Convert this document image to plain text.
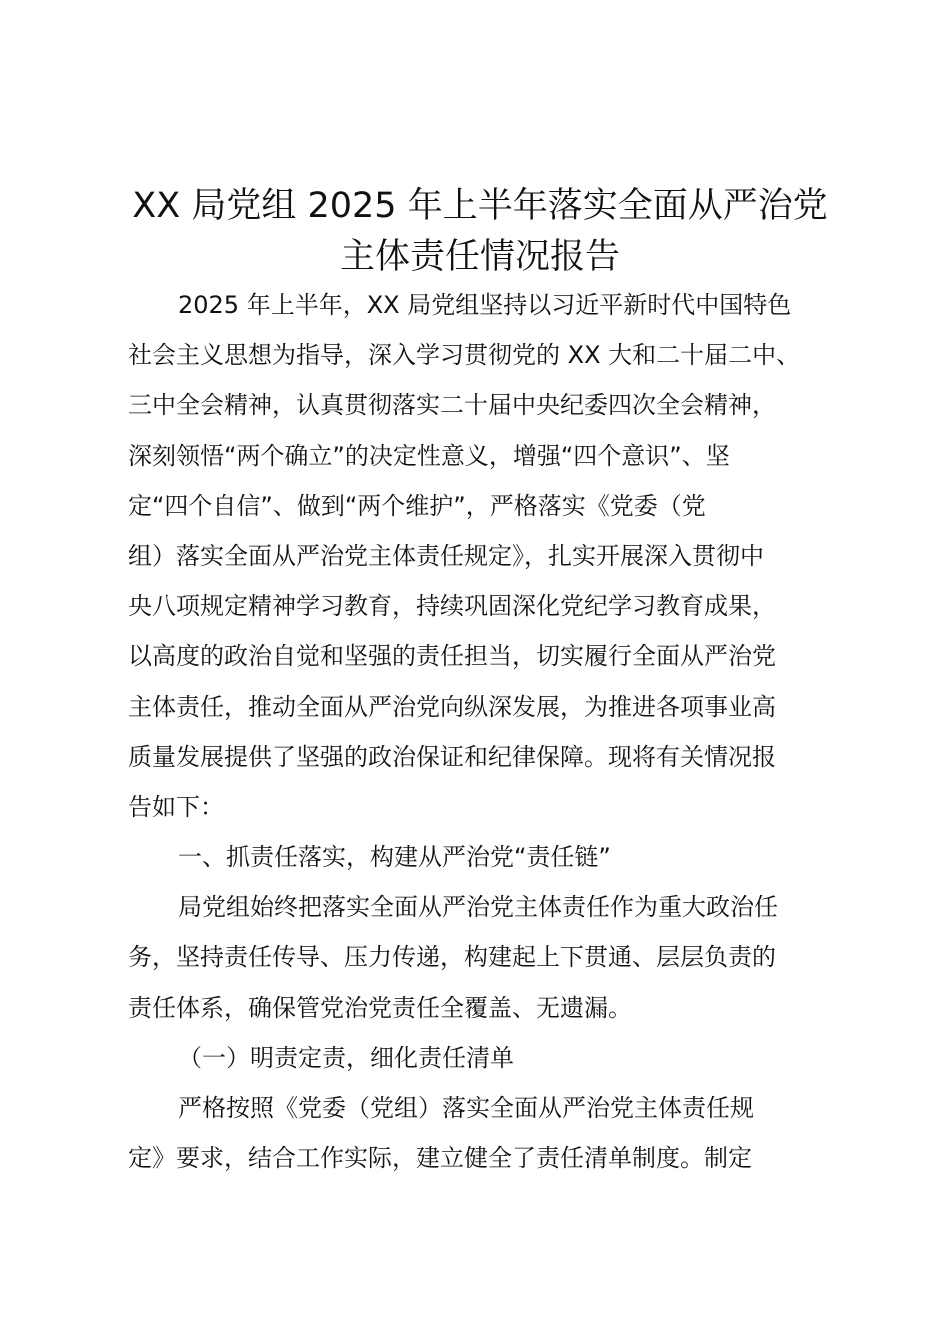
XX 局党组 2025 年上半年落实全面从严治党
主体责任情况报告

2025 年上半年，XX 局党组坚持以习近平新时代中国特色

社会主义思想为指导，深入学习贯彻党的 XX 大和二十届二中、

三中全会精神，认真贯彻落实二十届中央纪委四次全会精神，

深刻领悟“两个确立”的决定性意义，增强“四个意识”、坚

定“四个自信”、做到“两个维护”，严格落实《党委（党

组）落实全面从严治党主体责任规定》，扎实开展深入贯彻中

央八项规定精神学习教育，持续巩固深化党纪学习教育成果，

以高度的政治自觉和坚强的责任担当，切实履行全面从严治党

主体责任，推动全面从严治党向纵深发展，为推进各项事业高

质量发展提供了坚强的政治保证和纪律保障。现将有关情况报

告如下：

一、抓责任落实，构建从严治党“责任链”

局党组始终把落实全面从严治党主体责任作为重大政治任

务，坚持责任传导、压力传递，构建起上下贯通、层层负责的

责任体系，确保管党治党责任全覆盖、无遗漏。

（一）明责定责，细化责任清单

严格按照《党委（党组）落实全面从严治党主体责任规

定》要求，结合工作实际，建立健全了责任清单制度。制定
